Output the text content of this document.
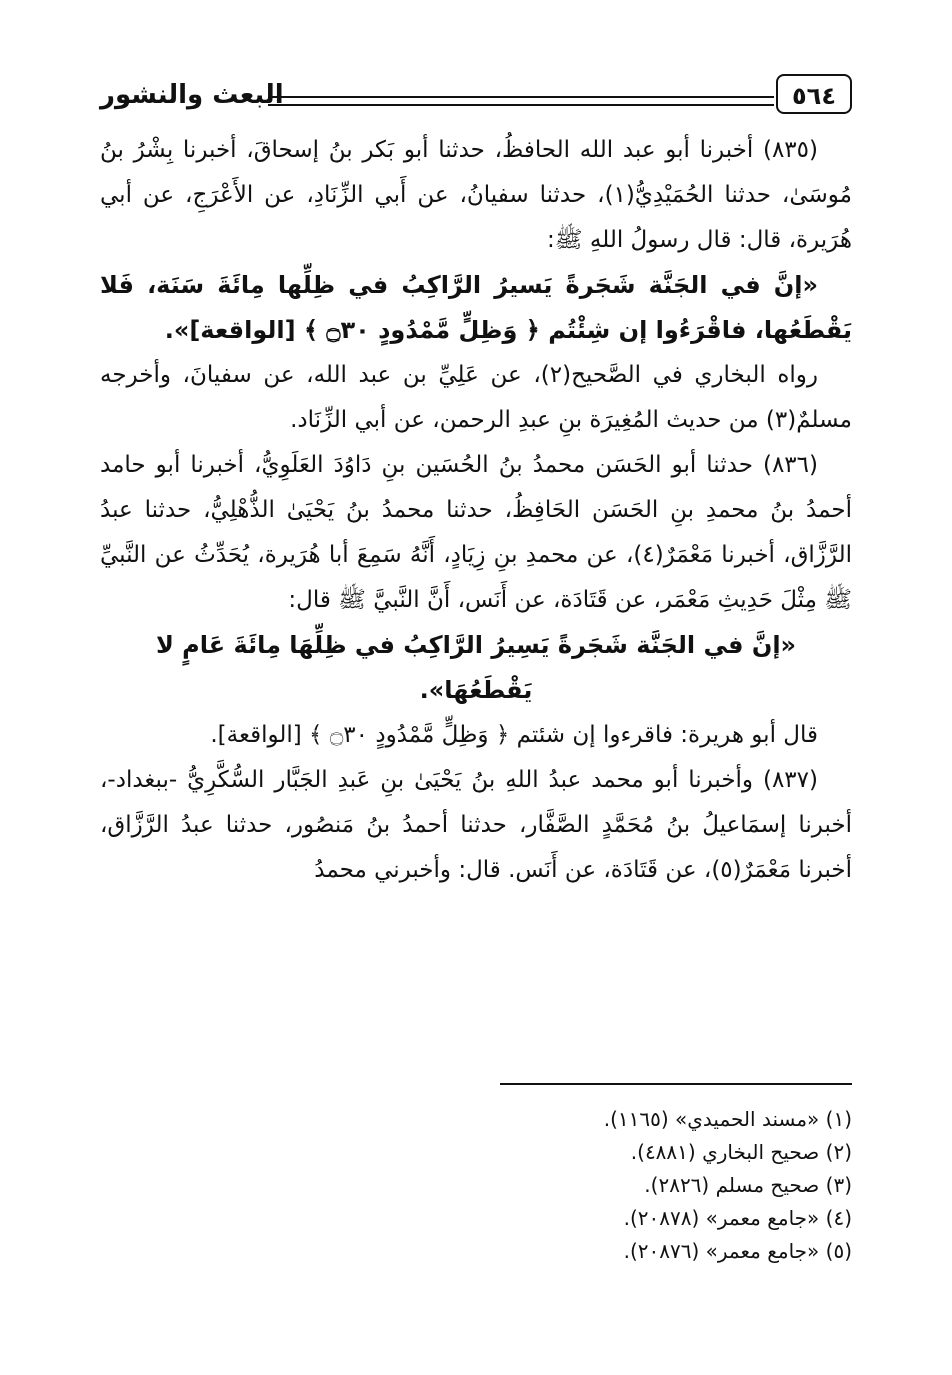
البعث والنشور	٥٦٤

(٨٣٥) أخبرنا أبو عبد الله الحافظُ، حدثنا أبو بَكر بنُ إسحاقَ، أخبرنا بِشْرُ بنُ مُوسَىٰ، حدثنا الحُمَيْدِيُّ(١)، حدثنا سفيانُ، عن أَبي الزِّنَادِ، عن الأَعْرَجِ، عن أبي هُرَيرة، قال: قال رسولُ اللهِ ﷺ:

«إنَّ في الجَنَّة شَجَرةً يَسيرُ الرَّاكِبُ في ظِلِّها مِائَةَ سَنَة، فَلا يَقْطَعُها، فاقْرَءُوا إن شِئْتُم ﴿ وَظِلٍّ مَّمْدُودٍ ۝٣٠ ﴾ [الواقعة]».

رواه البخاري في الصَّحيح(٢)، عن عَلِيِّ بن عبد الله، عن سفيانَ، وأخرجه مسلمٌ(٣) من حديث المُغِيرَة بنِ عبدِ الرحمن، عن أبي الزِّنَاد.

(٨٣٦) حدثنا أبو الحَسَن محمدُ بنُ الحُسَين بنِ دَاوُدَ العَلَوِيُّ، أخبرنا أبو حامد أحمدُ بنُ محمدِ بنِ الحَسَن الحَافِظُ، حدثنا محمدُ بنُ يَحْيَىٰ الذُّهْلِيُّ، حدثنا عبدُ الرَّزَّاق، أخبرنا مَعْمَرٌ(٤)، عن محمدِ بنِ زِيَادٍ، أَنَّهُ سَمِعَ أبا هُرَيرة، يُحَدِّثُ عن النَّبيِّ ﷺ مِثْلَ حَدِيثِ مَعْمَر، عن قَتَادَة، عن أَنَس، أَنَّ النَّبيَّ ﷺ قال:

«إنَّ في الجَنَّة شَجَرةً يَسِيرُ الرَّاكِبُ في ظِلِّهَا مِائَةَ عَامٍ لا يَقْطَعُهَا».

قال أبو هريرة: فاقرءوا إن شئتم ﴿ وَظِلٍّ مَّمْدُودٍ ۝٣٠ ﴾ [الواقعة].

(٨٣٧) وأخبرنا أبو محمد عبدُ اللهِ بنُ يَحْيَىٰ بنِ عَبدِ الجَبَّار السُّكَّرِيُّ -ببغداد-، أخبرنا إسمَاعيلُ بنُ مُحَمَّدٍ الصَّفَّار، حدثنا أحمدُ بنُ مَنصُور، حدثنا عبدُ الرَّزَّاق، أخبرنا مَعْمَرٌ(٥)، عن قَتَادَة، عن أَنَس. قال: وأخبرني محمدُ

(١) «مسند الحميدي» (١١٦٥).
(٢) صحيح البخاري (٤٨٨١).
(٣) صحيح مسلم (٢٨٢٦).
(٤) «جامع معمر» (٢٠٨٧٨).
(٥) «جامع معمر» (٢٠٨٧٦).
